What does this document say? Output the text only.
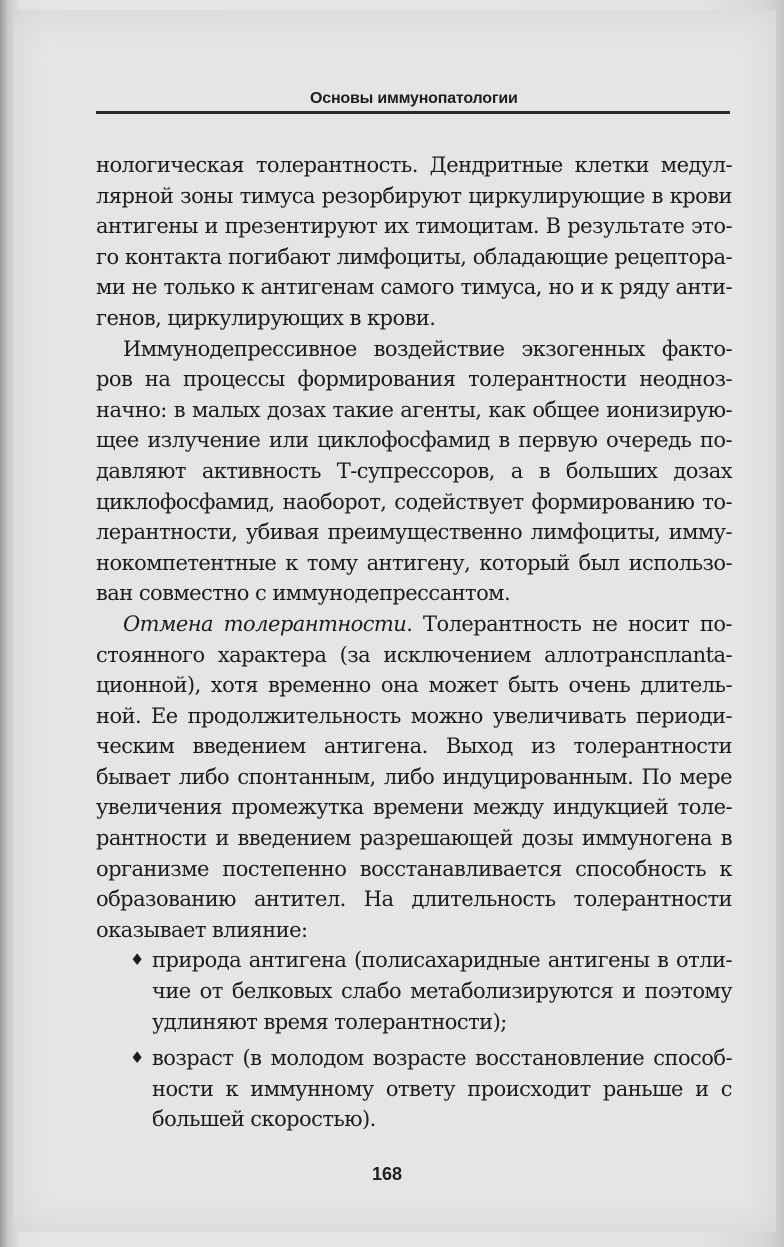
Основы иммунопатологии
нологическая толерантность. Дендритные клетки медул-
лярной зоны тимуса резорбируют циркулирующие в крови
антигены и презентируют их тимоцитам. В результате это-
го контакта погибают лимфоциты, обладающие рецептора-
ми не только к антигенам самого тимуса, но и к ряду анти-
генов, циркулирующих в крови.
Иммунодепрессивное воздействие экзогенных факто-
ров на процессы формирования толерантности неоднoз-
начно: в малых дозах такие агенты, как общее ионизирую-
щее излучение или циклофосфамид в первую очередь по-
давляют активность Т-супрессоров, а в больших дозах
циклофосфамид, наоборот, содействует формированию то-
лерантности, убивая преимущественно лимфоциты, имму-
нокомпетентные к тому антигену, который был использо-
ван совместно с иммунодепрессантом.
Отмена толерантности. Толерантность не носит по-
стоянного характера (за исключением аллотрансплanta-
ционной), хотя временно она может быть очень длитель-
ной. Ее продолжительность можно увеличивать периоди-
ческим введением антигена. Выход из толерантности
бывает либо спонтанным, либо индуцированным. По мере
увеличения промежутка времени между индукцией толе-
рантности и введением разрешающей дозы иммуногена в
организме постепенно восстанавливается способность к
образованию антител. На длительность толерантности
оказывает влияние:
♦ природа антигена (полисахаридные антигены в отли-
чие от белковых слабо метаболизируются и поэтому
удлиняют время толерантности);
♦ возраст (в молодом возрасте восстановление способ-
ности к иммунному ответу происходит раньше и с
большей скоростью).
168
